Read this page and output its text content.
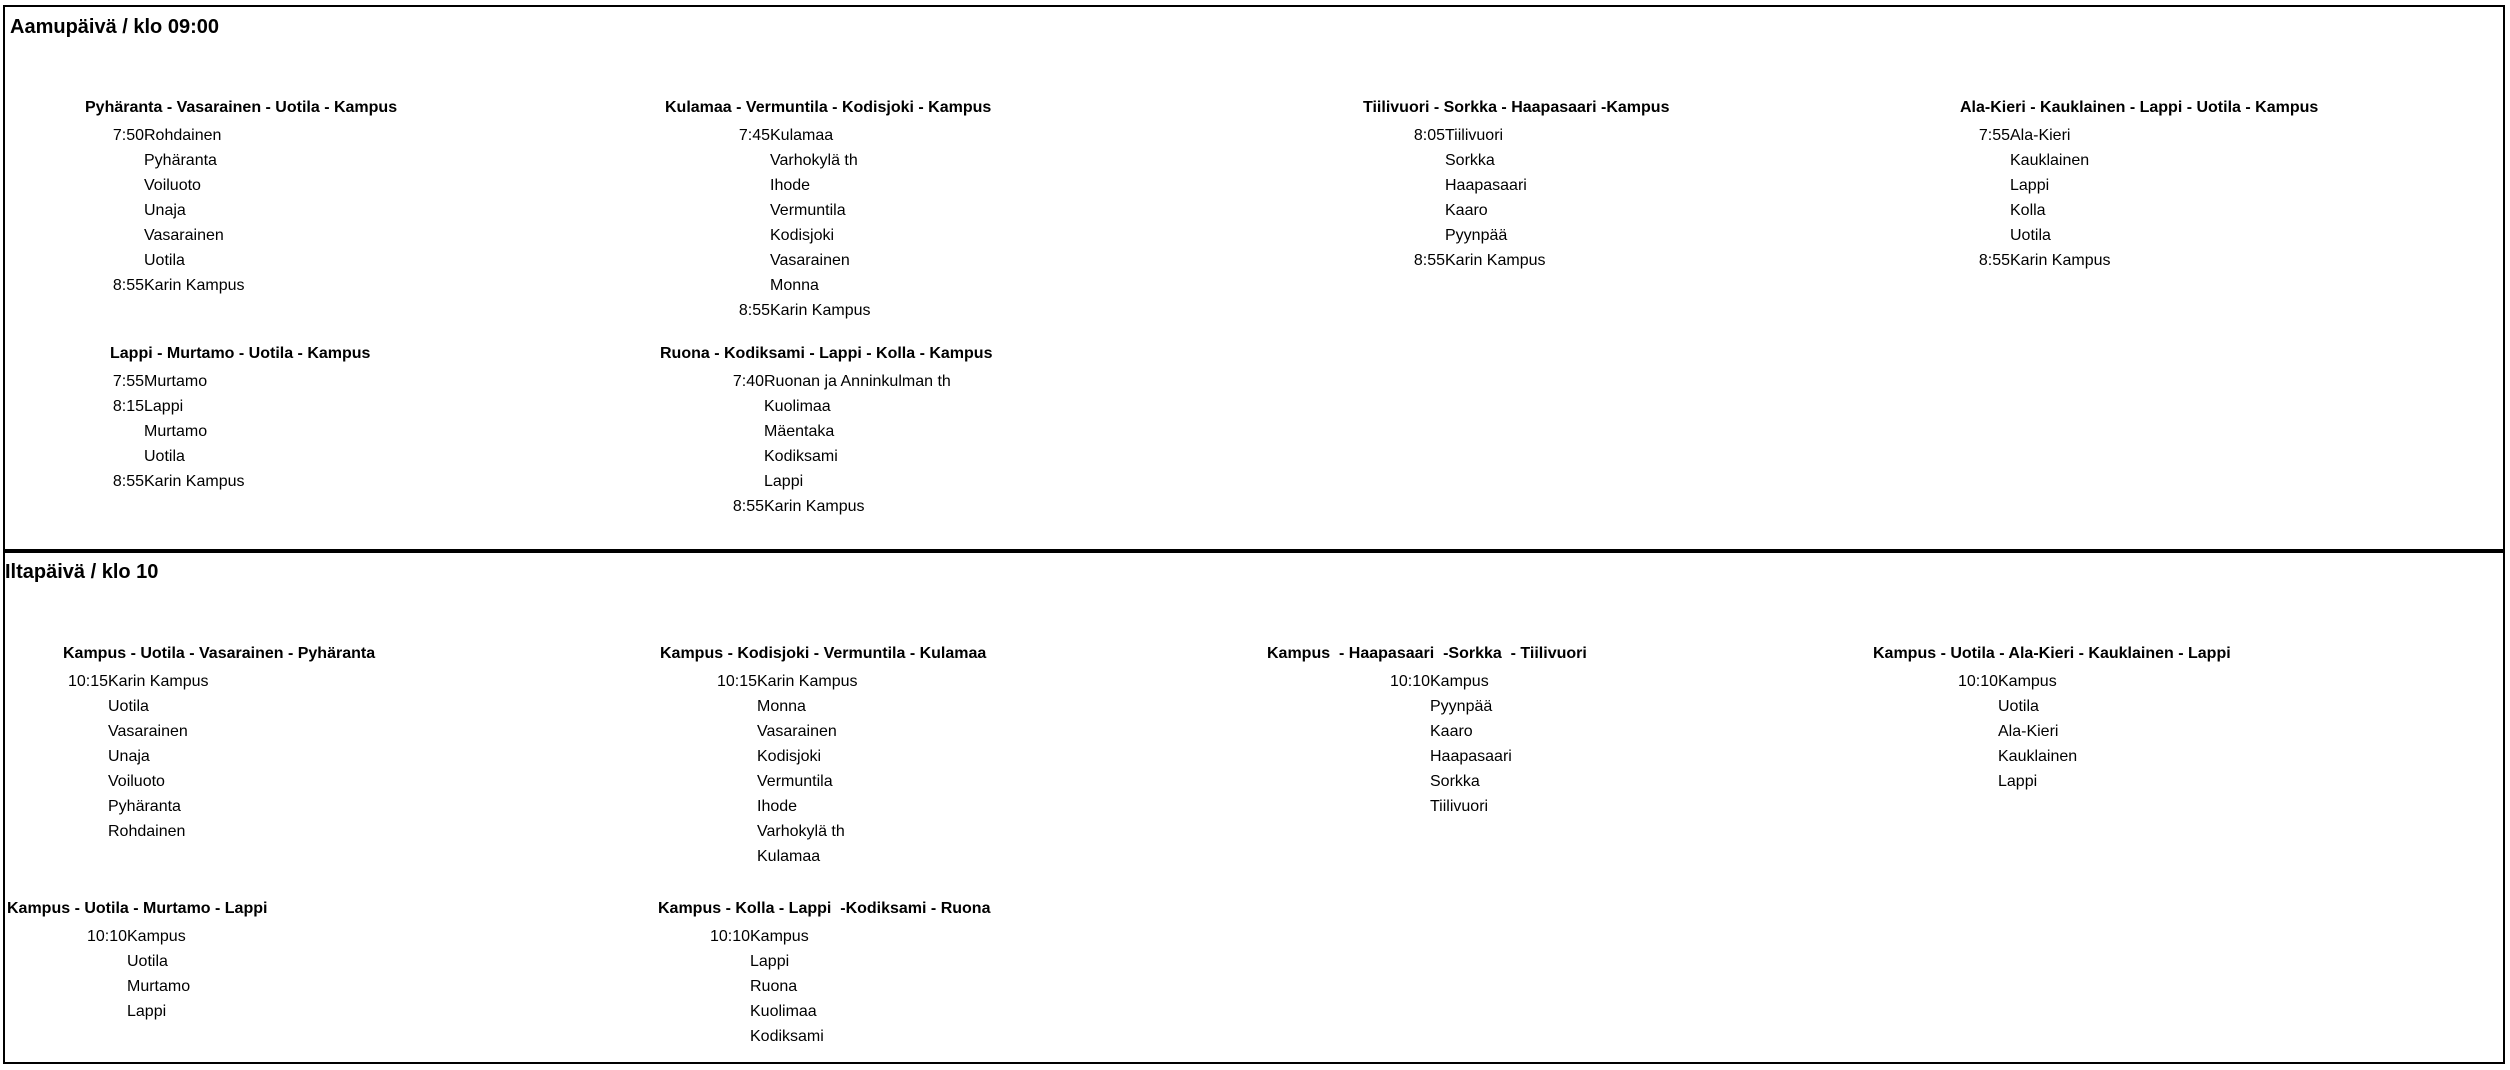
Aamupäivä / klo 09:00
Pyhäranta - Vasarainen - Uotila - Kampus
7:50	Rohdainen
	Pyhäranta
	Voiluoto
	Unaja
	Vasarainen
	Uotila
8:55	Karin Kampus
Kulamaa - Vermuntila - Kodisjoki - Kampus
7:45	Kulamaa
	Varhokylä th
	Ihode
	Vermuntila
	Kodisjoki
	Vasarainen
	Monna
8:55	Karin Kampus
Tiilivuori - Sorkka - Haapasaari -Kampus
8:05	Tiilivuori
	Sorkka
	Haapasaari
	Kaaro
	Pyynpää
8:55	Karin Kampus
Ala-Kieri - Kauklainen - Lappi - Uotila - Kampus
7:55	Ala-Kieri
	Kauklainen
	Lappi
	Kolla
	Uotila
8:55	Karin Kampus
Lappi - Murtamo - Uotila - Kampus
7:55	Murtamo
8:15	Lappi
	Murtamo
	Uotila
8:55	Karin Kampus
Ruona - Kodiksami - Lappi - Kolla - Kampus
7:40	Ruonan ja Anninkulman th
	Kuolimaa
	Mäentaka
	Kodiksami
	Lappi
8:55	Karin Kampus
Iltapäivä / klo 10
Kampus - Uotila - Vasarainen - Pyhäranta
10:15	Karin Kampus
	Uotila
	Vasarainen
	Unaja
	Voiluoto
	Pyhäranta
	Rohdainen
Kampus - Kodisjoki - Vermuntila - Kulamaa
10:15	Karin Kampus
	Monna
	Vasarainen
	Kodisjoki
	Vermuntila
	Ihode
	Varhokylä th
	Kulamaa
Kampus  - Haapasaari  -Sorkka  - Tiilivuori
10:10	Kampus
	Pyynpää
	Kaaro
	Haapasaari
	Sorkka
	Tiilivuori
Kampus - Uotila - Ala-Kieri - Kauklainen - Lappi
10:10	Kampus
	Uotila
	Ala-Kieri
	Kauklainen
	Lappi
Kampus - Uotila - Murtamo - Lappi
10:10	Kampus
	Uotila
	Murtamo
	Lappi
Kampus - Kolla - Lappi  -Kodiksami - Ruona
10:10	Kampus
	Lappi
	Ruona
	Kuolimaa
	Kodiksami
